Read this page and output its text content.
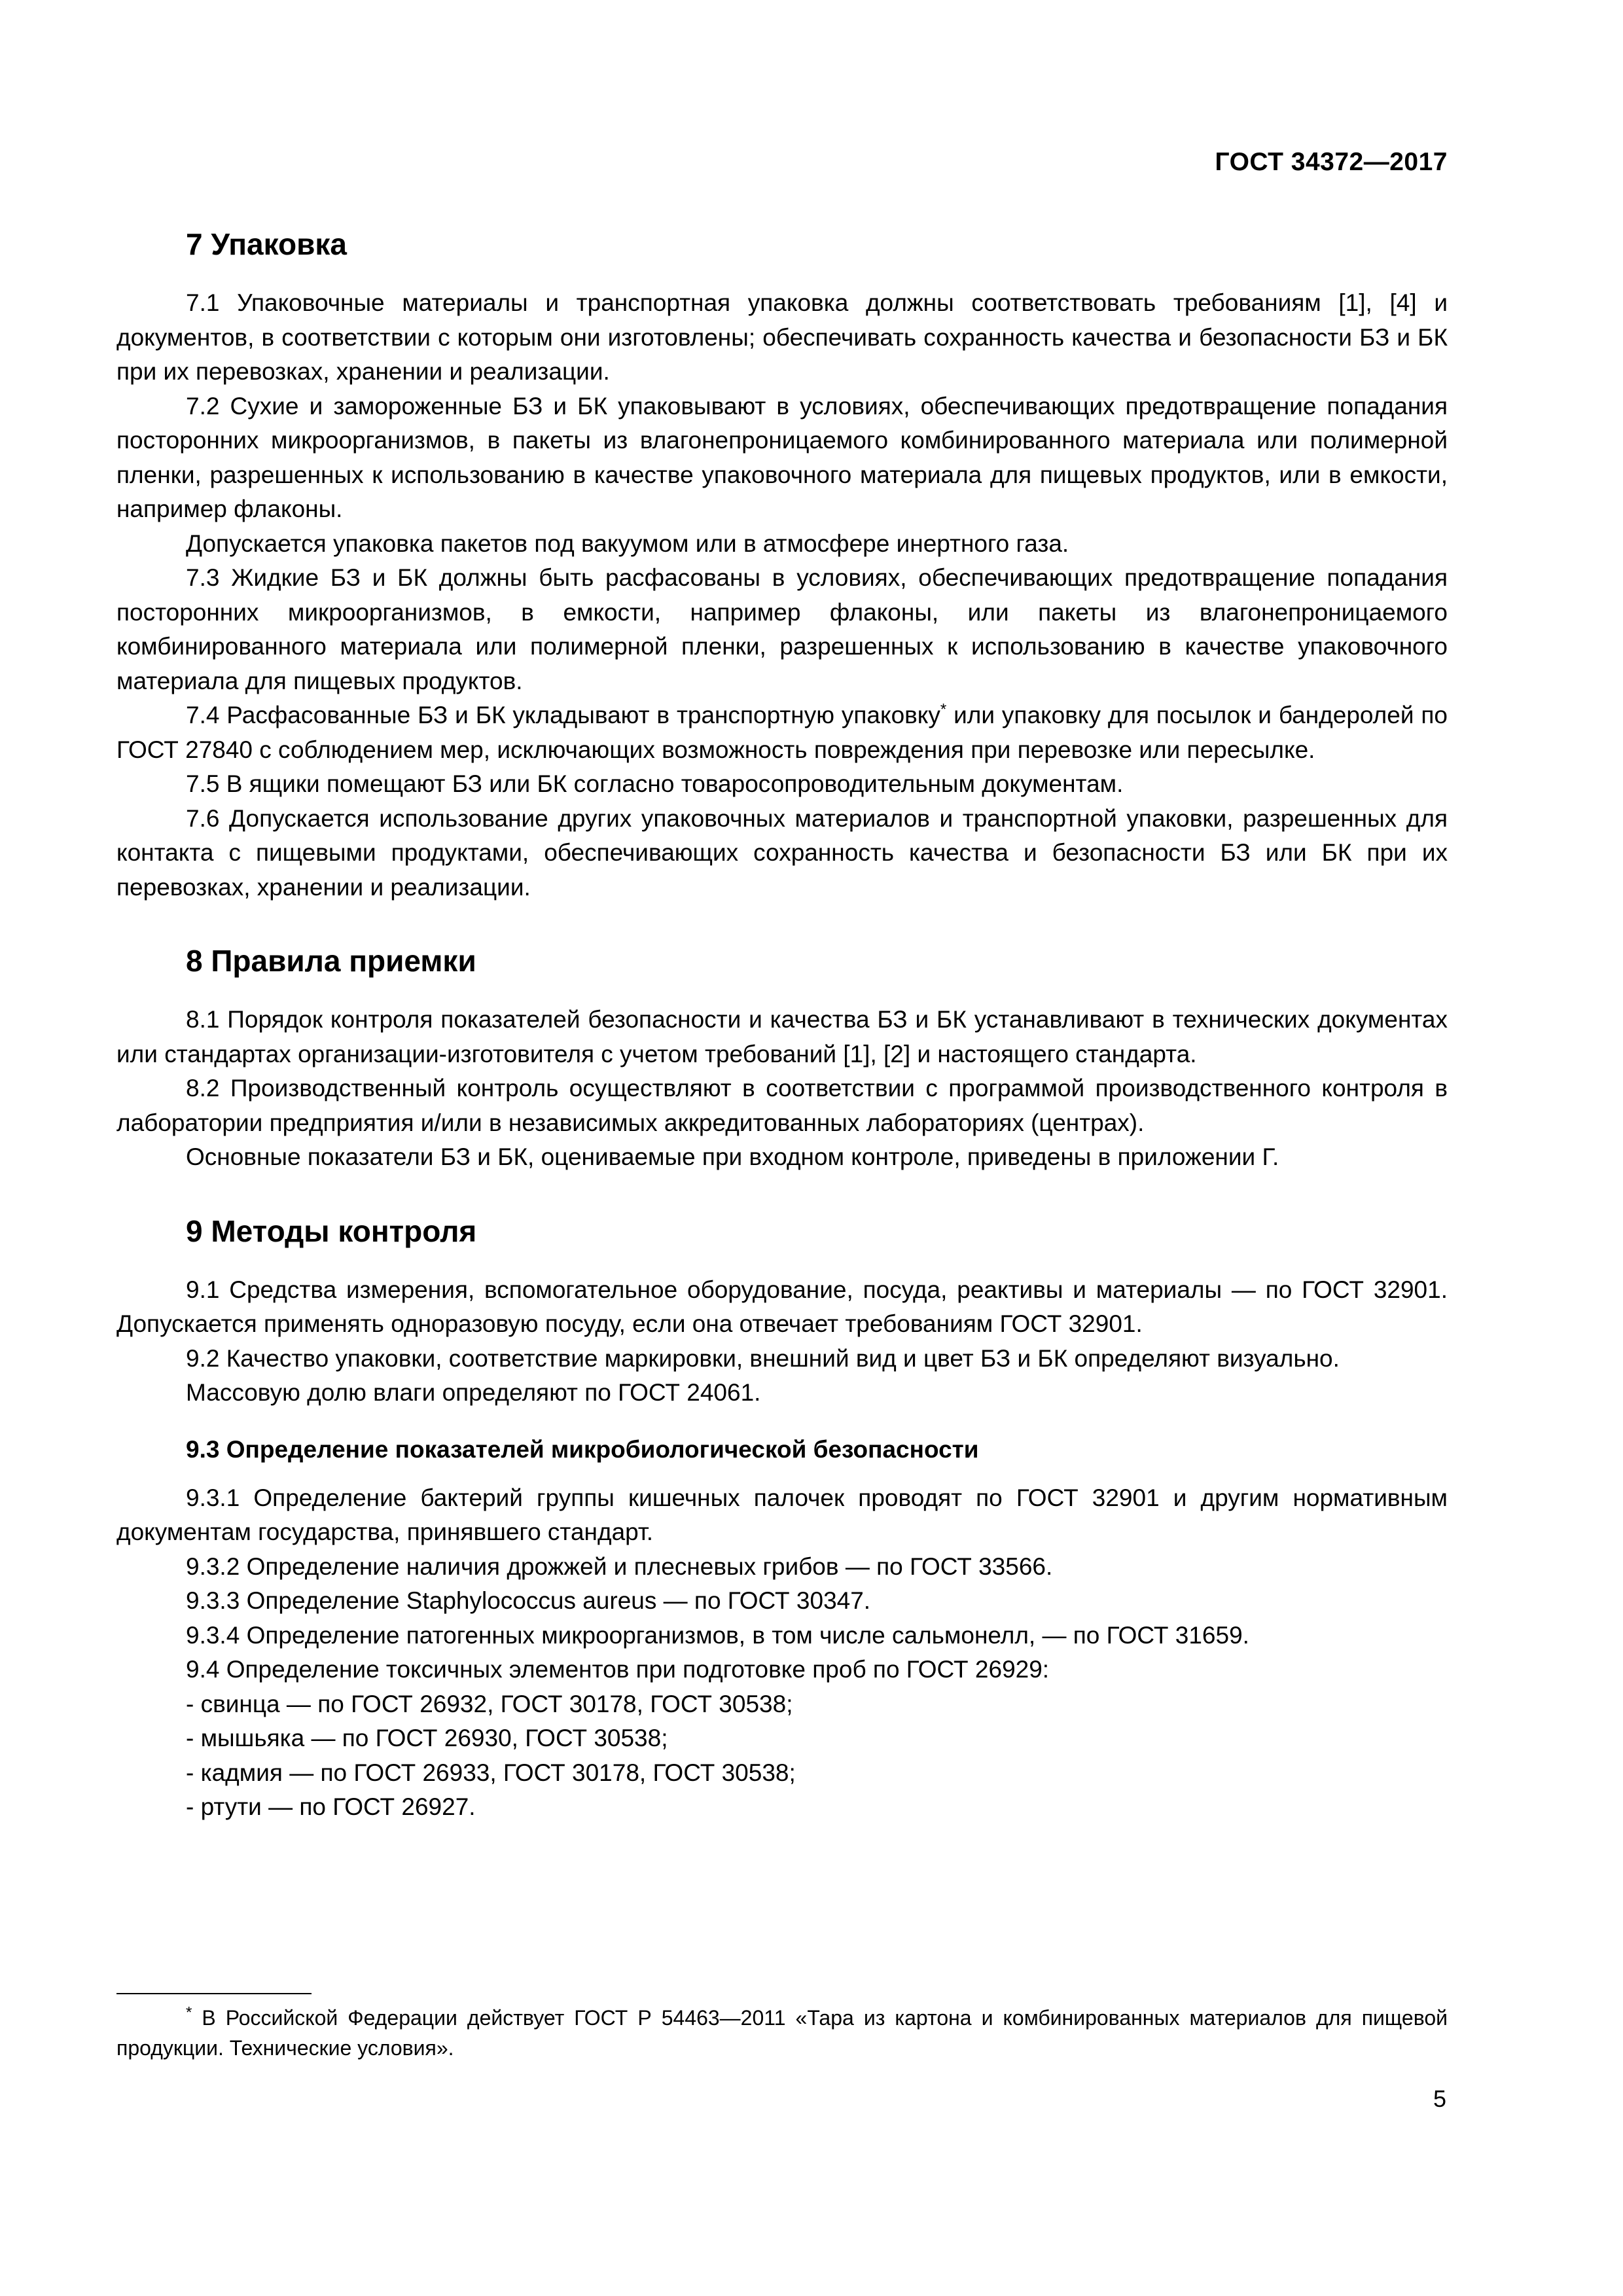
ГОСТ 34372—2017
7 Упаковка

7.1 Упаковочные материалы и транспортная упаковка должны соответствовать требованиям [1], [4] и документов, в соответствии с которым они изготовлены; обеспечивать сохранность качества и безопасности БЗ и БК при их перевозках, хранении и реализации.

7.2 Сухие и замороженные БЗ и БК упаковывают в условиях, обеспечивающих предотвращение попадания посторонних микроорганизмов, в пакеты из влагонепроницаемого комбинированного материала или полимерной пленки, разрешенных к использованию в качестве упаковочного материала для пищевых продуктов, или в емкости, например флаконы.

Допускается упаковка пакетов под вакуумом или в атмосфере инертного газа.

7.3 Жидкие БЗ и БК должны быть расфасованы в условиях, обеспечивающих предотвращение попадания посторонних микроорганизмов, в емкости, например флаконы, или пакеты из влагонепроницаемого комбинированного материала или полимерной пленки, разрешенных к использованию в качестве упаковочного материала для пищевых продуктов.

7.4 Расфасованные БЗ и БК укладывают в транспортную упаковку* или упаковку для посылок и бандеролей по ГОСТ 27840 с соблюдением мер, исключающих возможность повреждения при перевозке или пересылке.

7.5 В ящики помещают БЗ или БК согласно товаросопроводительным документам.

7.6 Допускается использование других упаковочных материалов и транспортной упаковки, разрешенных для контакта с пищевыми продуктами, обеспечивающих сохранность качества и безопасности БЗ или БК при их перевозках, хранении и реализации.

8 Правила приемки

8.1 Порядок контроля показателей безопасности и качества БЗ и БК устанавливают в технических документах или стандартах организации-изготовителя с учетом требований [1], [2] и настоящего стандарта.

8.2 Производственный контроль осуществляют в соответствии с программой производственного контроля в лаборатории предприятия и/или в независимых аккредитованных лабораториях (центрах).

Основные показатели БЗ и БК, оцениваемые при входном контроле, приведены в приложении Г.

9 Методы контроля

9.1 Средства измерения, вспомогательное оборудование, посуда, реактивы и материалы — по ГОСТ 32901. Допускается применять одноразовую посуду, если она отвечает требованиям ГОСТ 32901.

9.2 Качество упаковки, соответствие маркировки, внешний вид и цвет БЗ и БК определяют визуально.

Массовую долю влаги определяют по ГОСТ 24061.

9.3 Определение показателей микробиологической безопасности

9.3.1 Определение бактерий группы кишечных палочек проводят по ГОСТ 32901 и другим нормативным документам государства, принявшего стандарт.

9.3.2 Определение наличия дрожжей и плесневых грибов — по ГОСТ 33566.

9.3.3 Определение Staphylococcus aureus — по ГОСТ 30347.

9.3.4 Определение патогенных микроорганизмов, в том числе сальмонелл, — по ГОСТ 31659.

9.4 Определение токсичных элементов при подготовке проб по ГОСТ 26929:

- свинца — по ГОСТ 26932, ГОСТ 30178, ГОСТ 30538;
- мышьяка — по ГОСТ 26930, ГОСТ 30538;
- кадмия — по ГОСТ 26933, ГОСТ 30178, ГОСТ 30538;
- ртути — по ГОСТ 26927.
* В Российской Федерации действует ГОСТ Р 54463—2011 «Тара из картона и комбинированных материалов для пищевой продукции. Технические условия».
5
